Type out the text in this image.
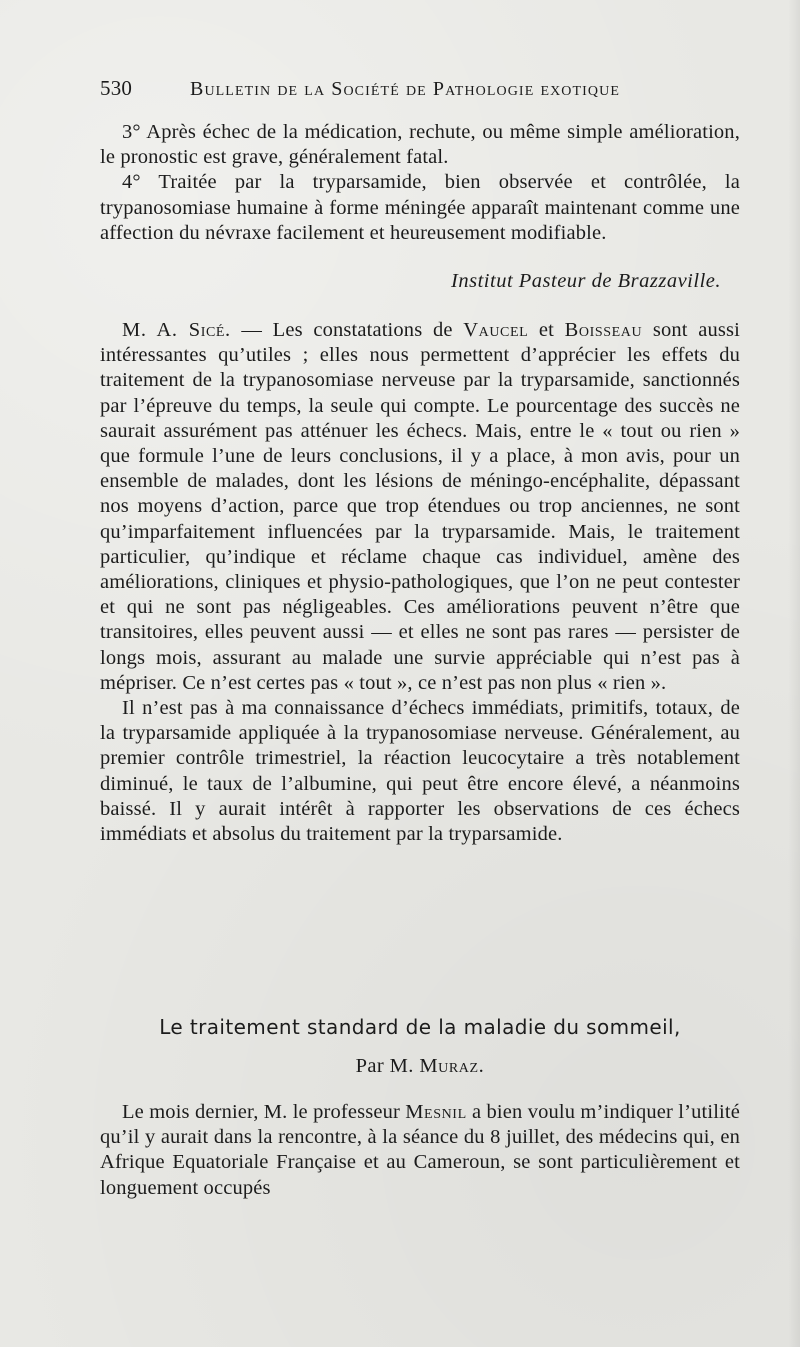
530	Bulletin de la Société de Pathologie exotique

3° Après échec de la médication, rechute, ou même simple amélioration, le pronostic est grave, généralement fatal.

4° Traitée par la tryparsamide, bien observée et contrôlée, la trypanosomiase humaine à forme méningée apparaît maintenant comme une affection du névraxe facilement et heureusement modifiable.

Institut Pasteur de Brazzaville.

M. A. Sicé. — Les constatations de Vaucel et Boisseau sont aussi intéressantes qu’utiles ; elles nous permettent d’apprécier les effets du traitement de la trypanosomiase nerveuse par la tryparsamide, sanctionnés par l’épreuve du temps, la seule qui compte. Le pourcentage des succès ne saurait assurément pas atténuer les échecs. Mais, entre le « tout ou rien » que formule l’une de leurs conclusions, il y a place, à mon avis, pour un ensemble de malades, dont les lésions de méningo-encéphalite, dépassant nos moyens d’action, parce que trop étendues ou trop anciennes, ne sont qu’imparfaitement influencées par la tryparsamide. Mais, le traitement particulier, qu’indique et réclame chaque cas individuel, amène des améliorations, cliniques et physio-pathologiques, que l’on ne peut contester et qui ne sont pas négligeables. Ces améliorations peuvent n’être que transitoires, elles peuvent aussi — et elles ne sont pas rares — persister de longs mois, assurant au malade une survie appréciable qui n’est pas à mépriser. Ce n’est certes pas « tout », ce n’est pas non plus « rien ».

Il n’est pas à ma connaissance d’échecs immédiats, primitifs, totaux, de la tryparsamide appliquée à la trypanosomiase nerveuse. Généralement, au premier contrôle trimestriel, la réaction leucocytaire a très notablement diminué, le taux de l’albumine, qui peut être encore élevé, a néanmoins baissé. Il y aurait intérêt à rapporter les observations de ces échecs immédiats et absolus du traitement par la tryparsamide.

Le traitement standard de la maladie du sommeil,
Par M. Muraz.

Le mois dernier, M. le professeur Mesnil a bien voulu m’indiquer l’utilité qu’il y aurait dans la rencontre, à la séance du 8 juillet, des médecins qui, en Afrique Equatoriale Française et au Cameroun, se sont particulièrement et longuement occupés
